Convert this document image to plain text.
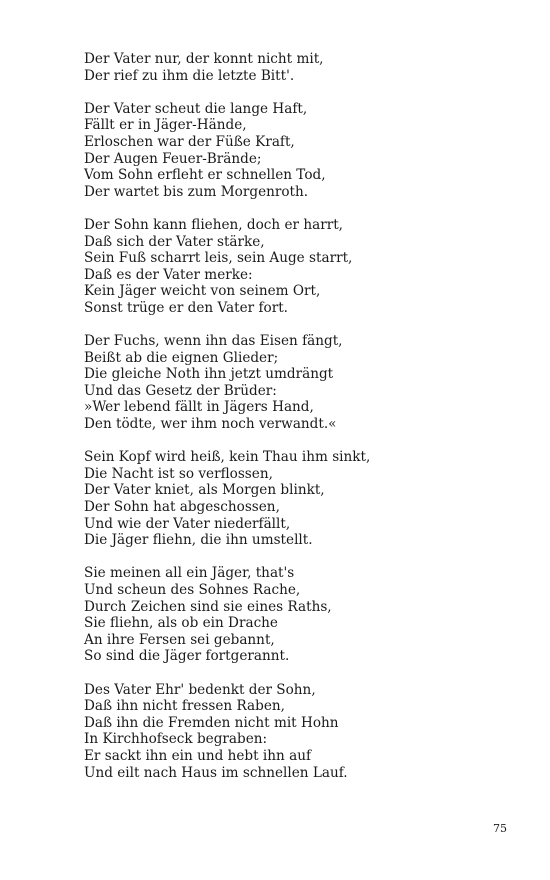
Der Vater nur, der konnt nicht mit,
Der rief zu ihm die letzte Bitt'.
Der Vater scheut die lange Haft,
Fällt er in Jäger-Hände,
Erloschen war der Füße Kraft,
Der Augen Feuer-Brände;
Vom Sohn erfleht er schnellen Tod,
Der wartet bis zum Morgenroth.
Der Sohn kann fliehen, doch er harrt,
Daß sich der Vater stärke,
Sein Fuß scharrt leis, sein Auge starrt,
Daß es der Vater merke:
Kein Jäger weicht von seinem Ort,
Sonst trüge er den Vater fort.
Der Fuchs, wenn ihn das Eisen fängt,
Beißt ab die eignen Glieder;
Die gleiche Noth ihn jetzt umdrängt
Und das Gesetz der Brüder:
»Wer lebend fällt in Jägers Hand,
Den tödte, wer ihm noch verwandt.«
Sein Kopf wird heiß, kein Thau ihm sinkt,
Die Nacht ist so verflossen,
Der Vater kniet, als Morgen blinkt,
Der Sohn hat abgeschossen,
Und wie der Vater niederfällt,
Die Jäger fliehn, die ihn umstellt.
Sie meinen all ein Jäger, that's
Und scheun des Sohnes Rache,
Durch Zeichen sind sie eines Raths,
Sie fliehn, als ob ein Drache
An ihre Fersen sei gebannt,
So sind die Jäger fortgerannt.
Des Vater Ehr' bedenkt der Sohn,
Daß ihn nicht fressen Raben,
Daß ihn die Fremden nicht mit Hohn
In Kirchhofseck begraben:
Er sackt ihn ein und hebt ihn auf
Und eilt nach Haus im schnellen Lauf.
75
